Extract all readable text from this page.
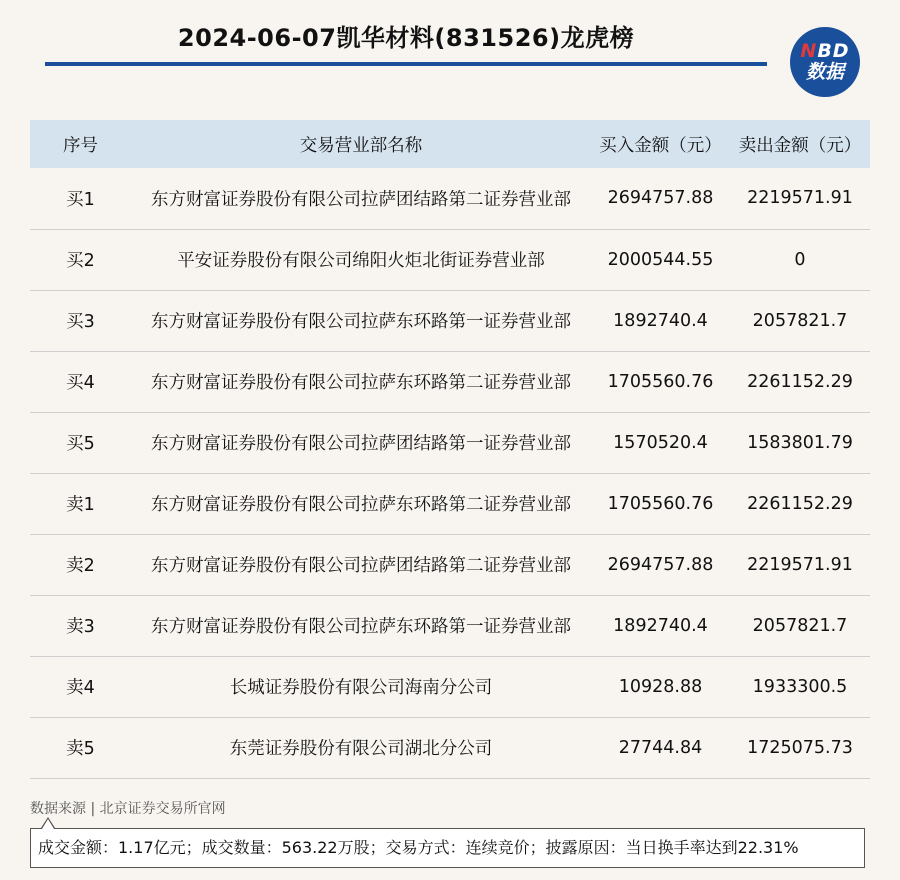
2024-06-07凯华材料(831526)龙虎榜	NBD
数据
序号	交易营业部名称	买入金额（元）	卖出金额（元）
买1	东方财富证券股份有限公司拉萨团结路第二证券营业部	2694757.88	2219571.91
买2	平安证券股份有限公司绵阳火炬北街证券营业部	2000544.55	0
买3	东方财富证券股份有限公司拉萨东环路第一证券营业部	1892740.4	2057821.7
买4	东方财富证券股份有限公司拉萨东环路第二证券营业部	1705560.76	2261152.29
买5	东方财富证券股份有限公司拉萨团结路第一证券营业部	1570520.4	1583801.79
卖1	东方财富证券股份有限公司拉萨东环路第二证券营业部	1705560.76	2261152.29
卖2	东方财富证券股份有限公司拉萨团结路第二证券营业部	2694757.88	2219571.91
卖3	东方财富证券股份有限公司拉萨东环路第一证券营业部	1892740.4	2057821.7
卖4	长城证券股份有限公司海南分公司	10928.88	1933300.5
卖5	东莞证券股份有限公司湖北分公司	27744.84	1725075.73
数据来源 | 北京证券交易所官网
成交金额：1.17亿元；成交数量：563.22万股；交易方式：连续竞价；披露原因：当日换手率达到22.31%
